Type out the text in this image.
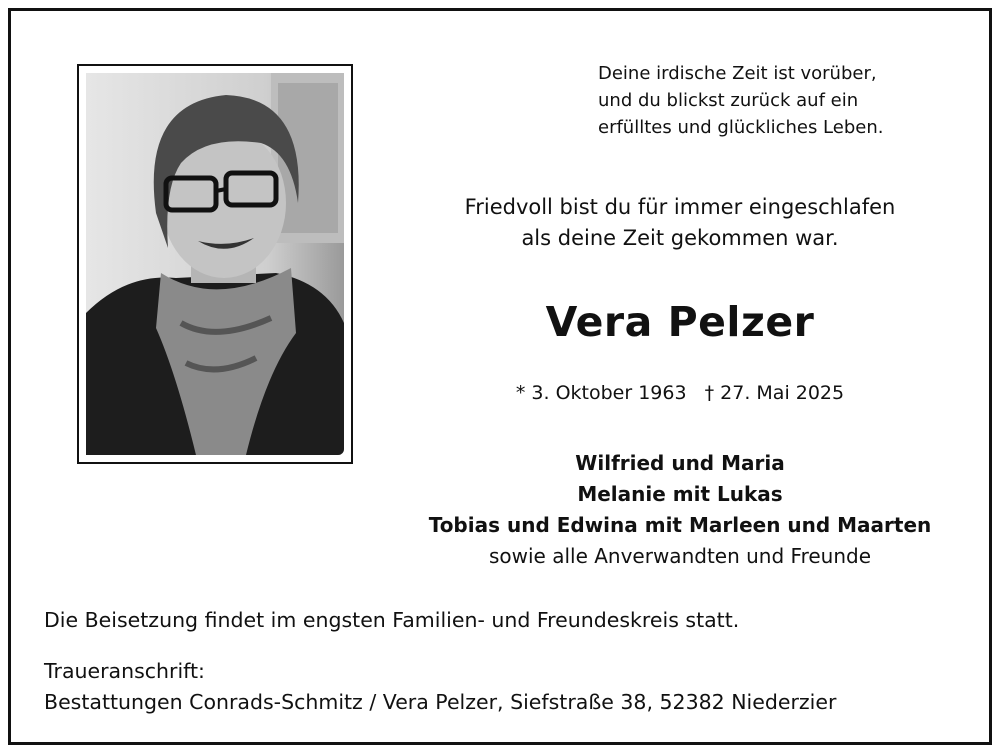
Deine irdische Zeit ist vorüber,
und du blickst zurück auf ein
erfülltes und glückliches Leben.
Friedvoll bist du für immer eingeschlafen
als deine Zeit gekommen war.
Vera Pelzer
* 3. Oktober 1963 † 27. Mai 2025
Wilfried und Maria
Melanie mit Lukas
Tobias und Edwina mit Marleen und Maarten
sowie alle Anverwandten und Freunde
Die Beisetzung findet im engsten Familien- und Freundeskreis statt.
Traueranschrift:
Bestattungen Conrads-Schmitz / Vera Pelzer, Siefstraße 38, 52382 Niederzier
